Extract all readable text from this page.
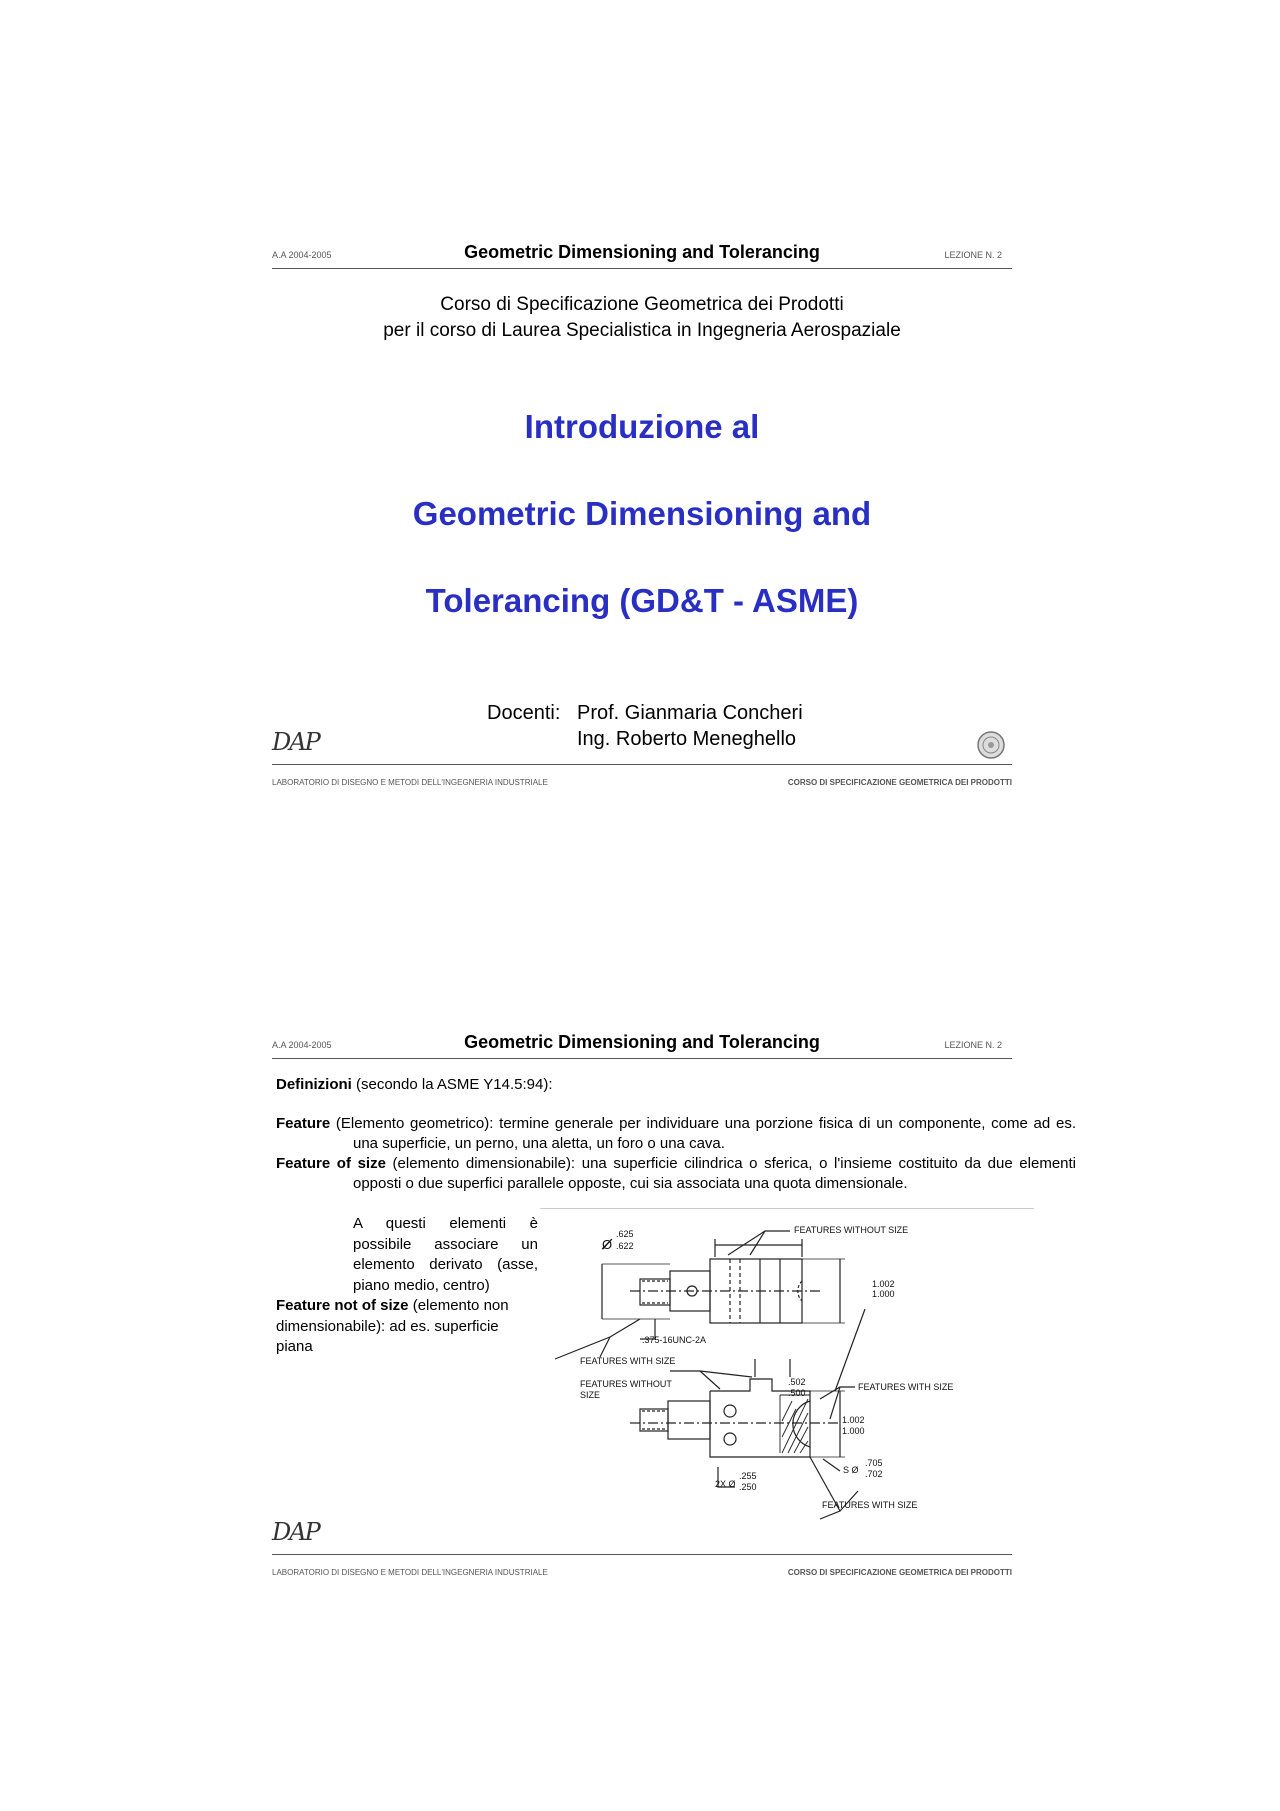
A.A 2004-2005	Geometric Dimensioning and Tolerancing	LEZIONE N. 2
Corso di Specificazione Geometrica dei Prodotti
per il corso di Laurea Specialistica in Ingegneria Aerospaziale
Introduzione al
Geometric Dimensioning and
Tolerancing (GD&T - ASME)
Docenti: Prof. Gianmaria Concheri
Ing. Roberto Meneghello
DAP
LABORATORIO DI DISEGNO E METODI DELL'INGEGNERIA INDUSTRIALE	CORSO DI SPECIFICAZIONE GEOMETRICA DEI PRODOTTI
A.A 2004-2005	Geometric Dimensioning and Tolerancing	LEZIONE N. 2
Definizioni (secondo la ASME Y14.5:94):
Feature (Elemento geometrico): termine generale per individuare una porzione fisica di un componente, come ad es. una superficie, un perno, una aletta, un foro o una cava.
Feature of size (elemento dimensionabile): una superficie cilindrica o sferica, o l'insieme costituito da due elementi opposti o due superfici parallele opposte, cui sia associata una quota dimensionale.
A questi elementi è possibile associare un elemento derivato (asse, piano medio, centro)
Feature not of size (elemento non dimensionabile): ad es. superficie piana
.625
Ø .622
FEATURES WITHOUT SIZE
1.002
1.000
.375-16UNC-2A
FEATURES WITH SIZE
FEATURES WITHOUT
SIZE
.502
.500
FEATURES WITH SIZE
1.002
1.000
S Ø
.705
.702
2X Ø
.255
.250
FEATURES WITH SIZE
DAP
LABORATORIO DI DISEGNO E METODI DELL'INGEGNERIA INDUSTRIALE	CORSO DI SPECIFICAZIONE GEOMETRICA DEI PRODOTTI
